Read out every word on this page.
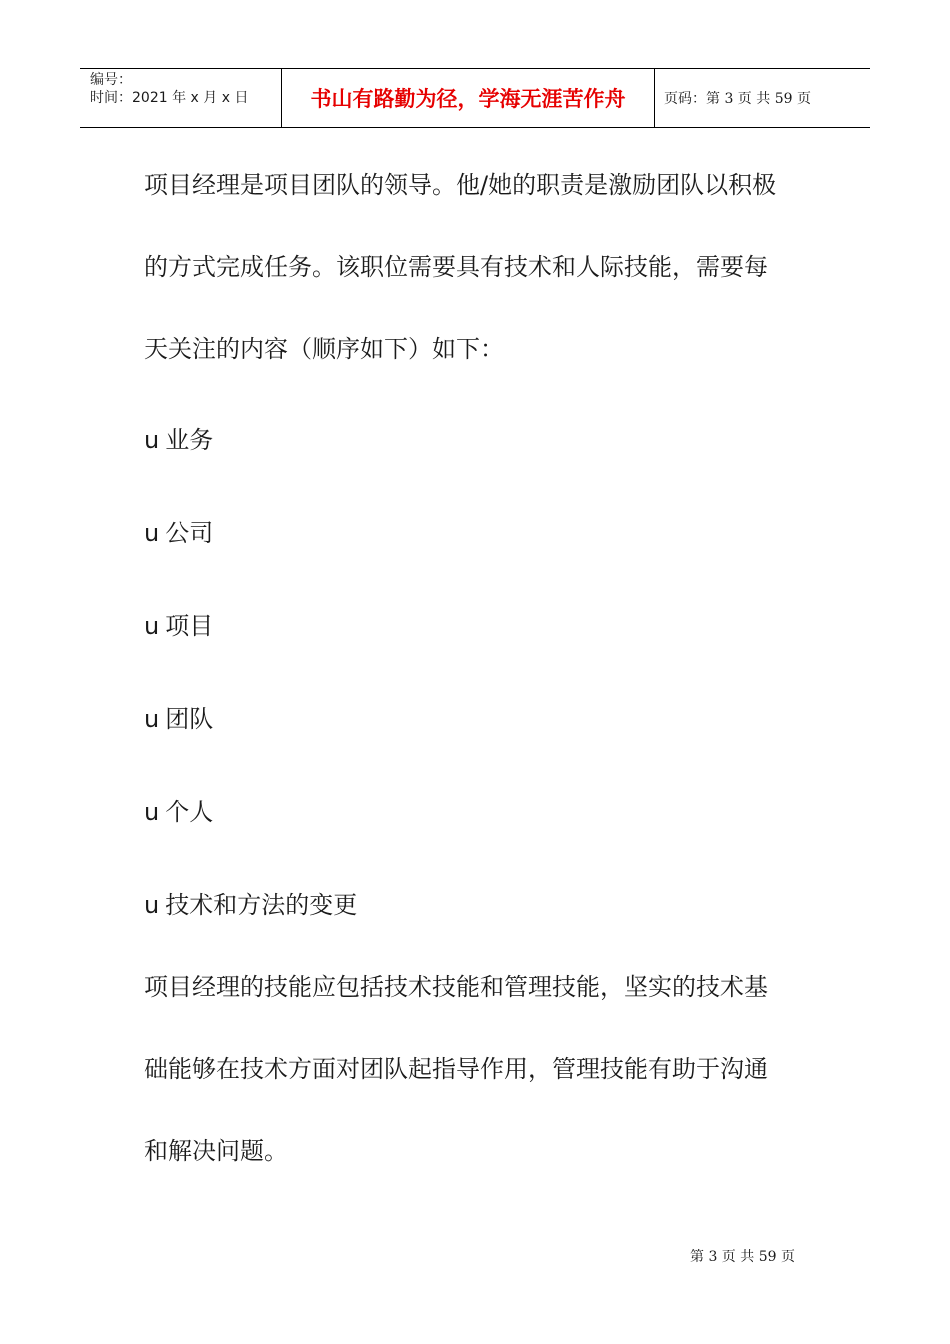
编号：
时间：2021 年 x 月 x 日	书山有路勤为径，学海无涯苦作舟	页码：第 3 页 共 59 页
项目经理是项目团队的领导。他/她的职责是激励团队以积极
的方式完成任务。该职位需要具有技术和人际技能，需要每
天关注的内容（顺序如下）如下：
u 业务
u 公司
u 项目
u 团队
u 个人
u 技术和方法的变更
项目经理的技能应包括技术技能和管理技能，坚实的技术基
础能够在技术方面对团队起指导作用，管理技能有助于沟通
和解决问题。
第 3 页 共 59 页
